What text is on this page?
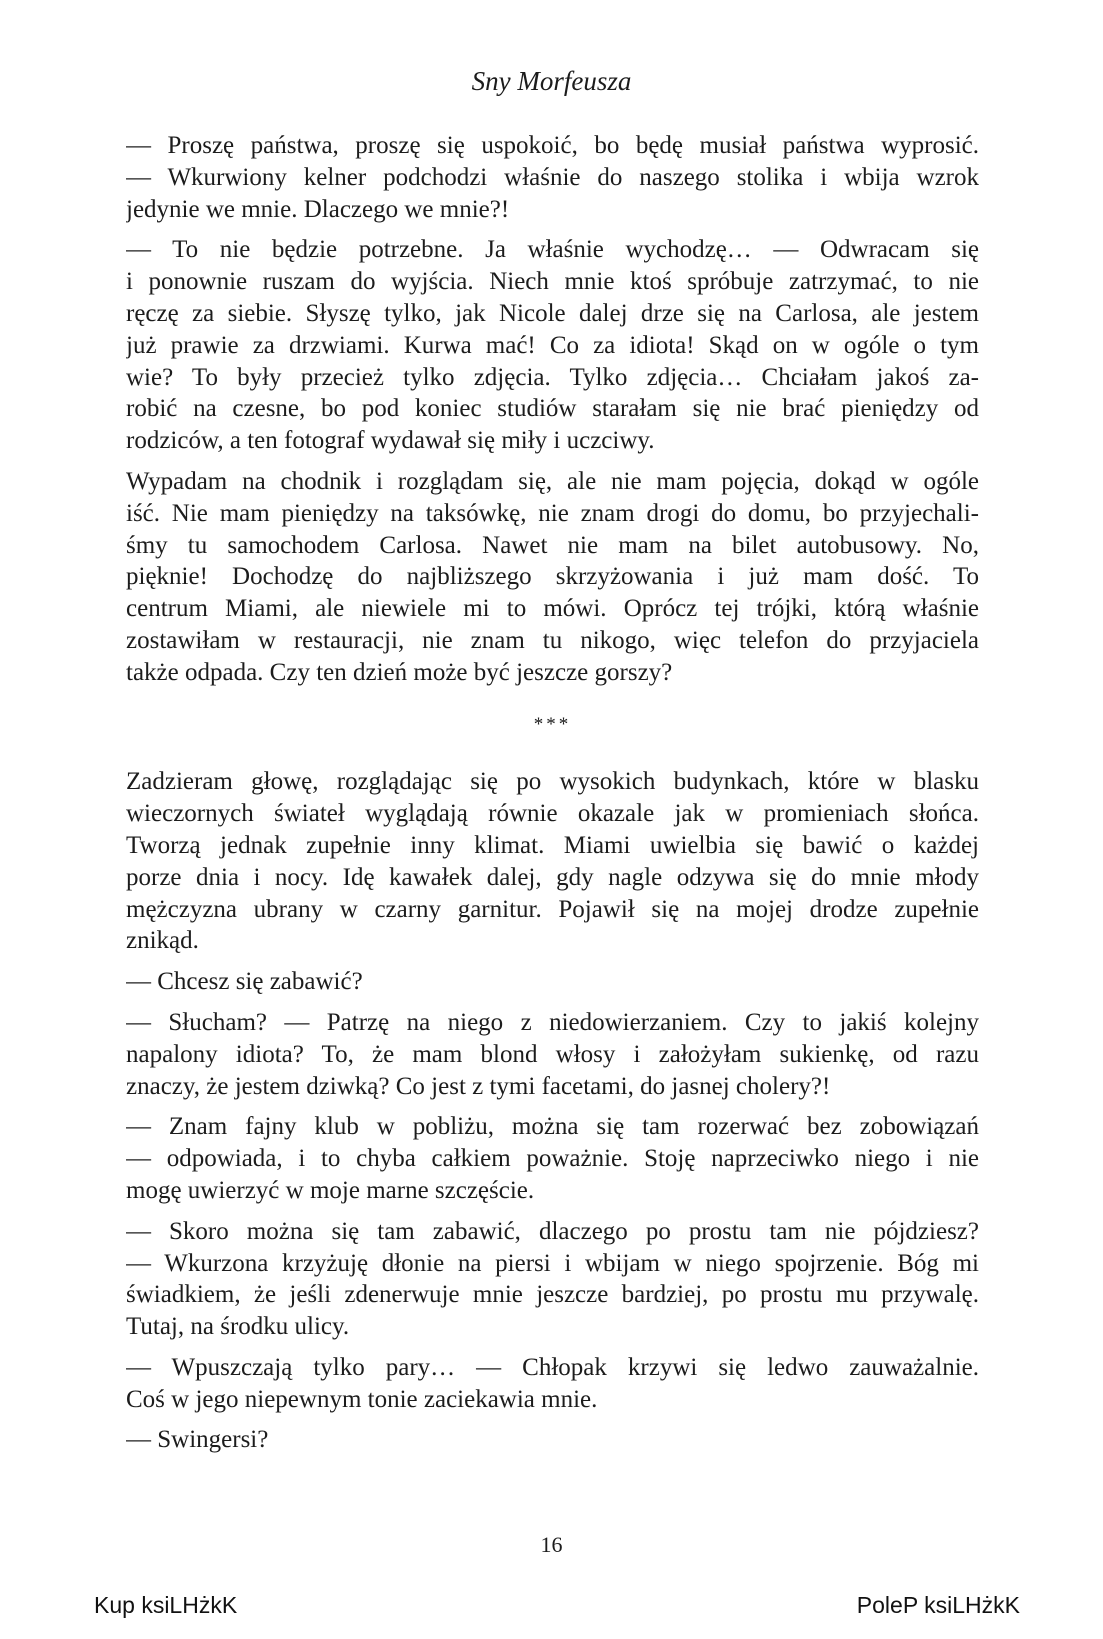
Sny Morfeusza
— Proszę państwa, proszę się uspokoić, bo będę musiał państwa wyprosić.
— Wkurwiony kelner podchodzi właśnie do naszego stolika i wbija wzrok
jedynie we mnie. Dlaczego we mnie?!
— To nie będzie potrzebne. Ja właśnie wychodzę… — Odwracam się
i ponownie ruszam do wyjścia. Niech mnie ktoś spróbuje zatrzymać, to nie
ręczę za siebie. Słyszę tylko, jak Nicole dalej drze się na Carlosa, ale jestem
już prawie za drzwiami. Kurwa mać! Co za idiota! Skąd on w ogóle o tym
wie? To były przecież tylko zdjęcia. Tylko zdjęcia… Chciałam jakoś za-
robić na czesne, bo pod koniec studiów starałam się nie brać pieniędzy od
rodziców, a ten fotograf wydawał się miły i uczciwy.
Wypadam na chodnik i rozglądam się, ale nie mam pojęcia, dokąd w ogóle
iść. Nie mam pieniędzy na taksówkę, nie znam drogi do domu, bo przyjechali-
śmy tu samochodem Carlosa. Nawet nie mam na bilet autobusowy. No,
pięknie! Dochodzę do najbliższego skrzyżowania i już mam dość. To
centrum Miami, ale niewiele mi to mówi. Oprócz tej trójki, którą właśnie
zostawiłam w restauracji, nie znam tu nikogo, więc telefon do przyjaciela
także odpada. Czy ten dzień może być jeszcze gorszy?
***
Zadzieram głowę, rozglądając się po wysokich budynkach, które w blasku
wieczornych świateł wyglądają równie okazale jak w promieniach słońca.
Tworzą jednak zupełnie inny klimat. Miami uwielbia się bawić o każdej
porze dnia i nocy. Idę kawałek dalej, gdy nagle odzywa się do mnie młody
mężczyzna ubrany w czarny garnitur. Pojawił się na mojej drodze zupełnie
znikąd.
— Chcesz się zabawić?
— Słucham? — Patrzę na niego z niedowierzaniem. Czy to jakiś kolejny
napalony idiota? To, że mam blond włosy i założyłam sukienkę, od razu
znaczy, że jestem dziwką? Co jest z tymi facetami, do jasnej cholery?!
— Znam fajny klub w pobliżu, można się tam rozerwać bez zobowiązań
— odpowiada, i to chyba całkiem poważnie. Stoję naprzeciwko niego i nie
mogę uwierzyć w moje marne szczęście.
— Skoro można się tam zabawić, dlaczego po prostu tam nie pójdziesz?
— Wkurzona krzyżuję dłonie na piersi i wbijam w niego spojrzenie. Bóg mi
świadkiem, że jeśli zdenerwuje mnie jeszcze bardziej, po prostu mu przywalę.
Tutaj, na środku ulicy.
— Wpuszczają tylko pary… — Chłopak krzywi się ledwo zauważalnie.
Coś w jego niepewnym tonie zaciekawia mnie.
— Swingersi?
16
Kup ksiLHżkK	PoleP ksiLHżkK
